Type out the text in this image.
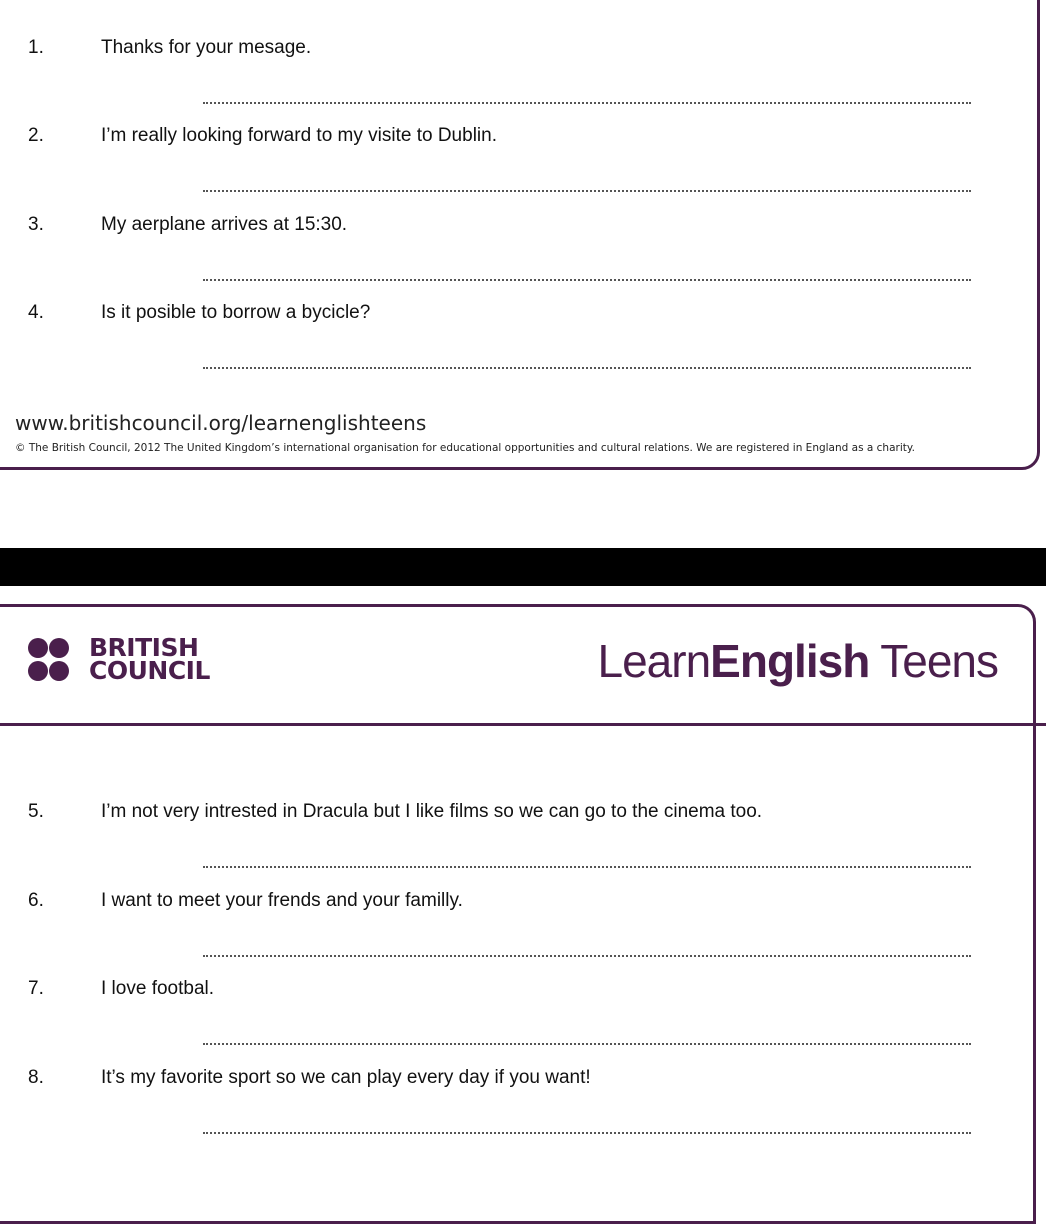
1.	Thanks for your mesage.
2.	I’m really looking forward to my visite to Dublin.
3.	My aerplane arrives at 15:30.
4.	Is it posible to borrow a bycicle?
www.britishcouncil.org/learnenglishteens
© The British Council, 2012 The United Kingdom’s international organisation for educational opportunities and cultural relations. We are registered in England as a charity.
BRITISH
COUNCIL	LearnEnglish Teens
5.	I’m not very intrested in Dracula but I like films so we can go to the cinema too.
6.	I want to meet your frends and your familly.
7.	I love footbal.
8.	It’s my favorite sport so we can play every day if you want!
